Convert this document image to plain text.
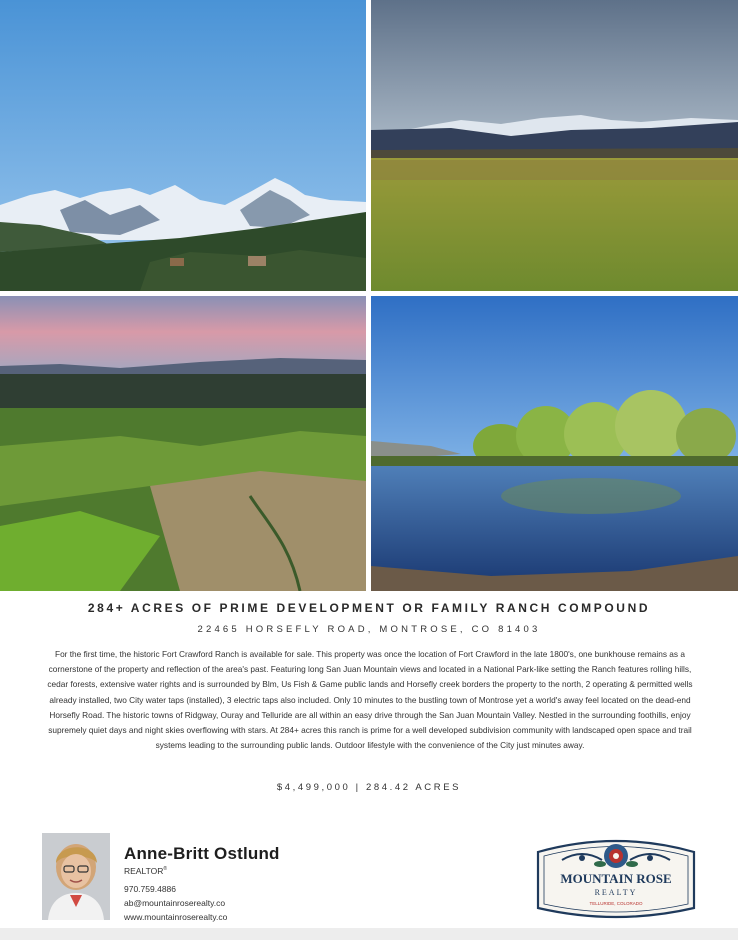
284+ ACRES OF PRIME DEVELOPMENT OR FAMILY RANCH COMPOUND
22465 HORSEFLY ROAD, MONTROSE, CO 81403

For the first time, the historic Fort Crawford Ranch is available for sale. This property was once the location of Fort Crawford in the late 1800's, one bunkhouse remains as a cornerstone of the property and reflection of the area's past. Featuring long San Juan Mountain views and located in a National Park-like setting the Ranch features rolling hills, cedar forests, extensive water rights and is surrounded by Blm, Us Fish & Game public lands and Horsefly creek borders the property to the north, 2 operating & permitted wells already installed, two City water taps (installed), 3 electric taps also included. Only 10 minutes to the bustling town of Montrose yet a world's away feel located on the dead-end Horsefly Road. The historic towns of Ridgway, Ouray and Telluride are all within an easy drive through the San Juan Mountain Valley. Nestled in the surrounding foothills, enjoy supremely quiet days and night skies overflowing with stars. At 284+ acres this ranch is prime for a well developed subdivision community with landscaped open space and trail systems leading to the surrounding public lands. Outdoor lifestyle with the convenience of the City just minutes away.

$4,499,000 | 284.42 ACRES
Anne-Britt Ostlund
REALTOR®
970.759.4886
ab@mountainroserealty.co
www.mountainroserealty.co
MOUNTAIN ROSE
REALTY
TELLURIDE, COLORADO
